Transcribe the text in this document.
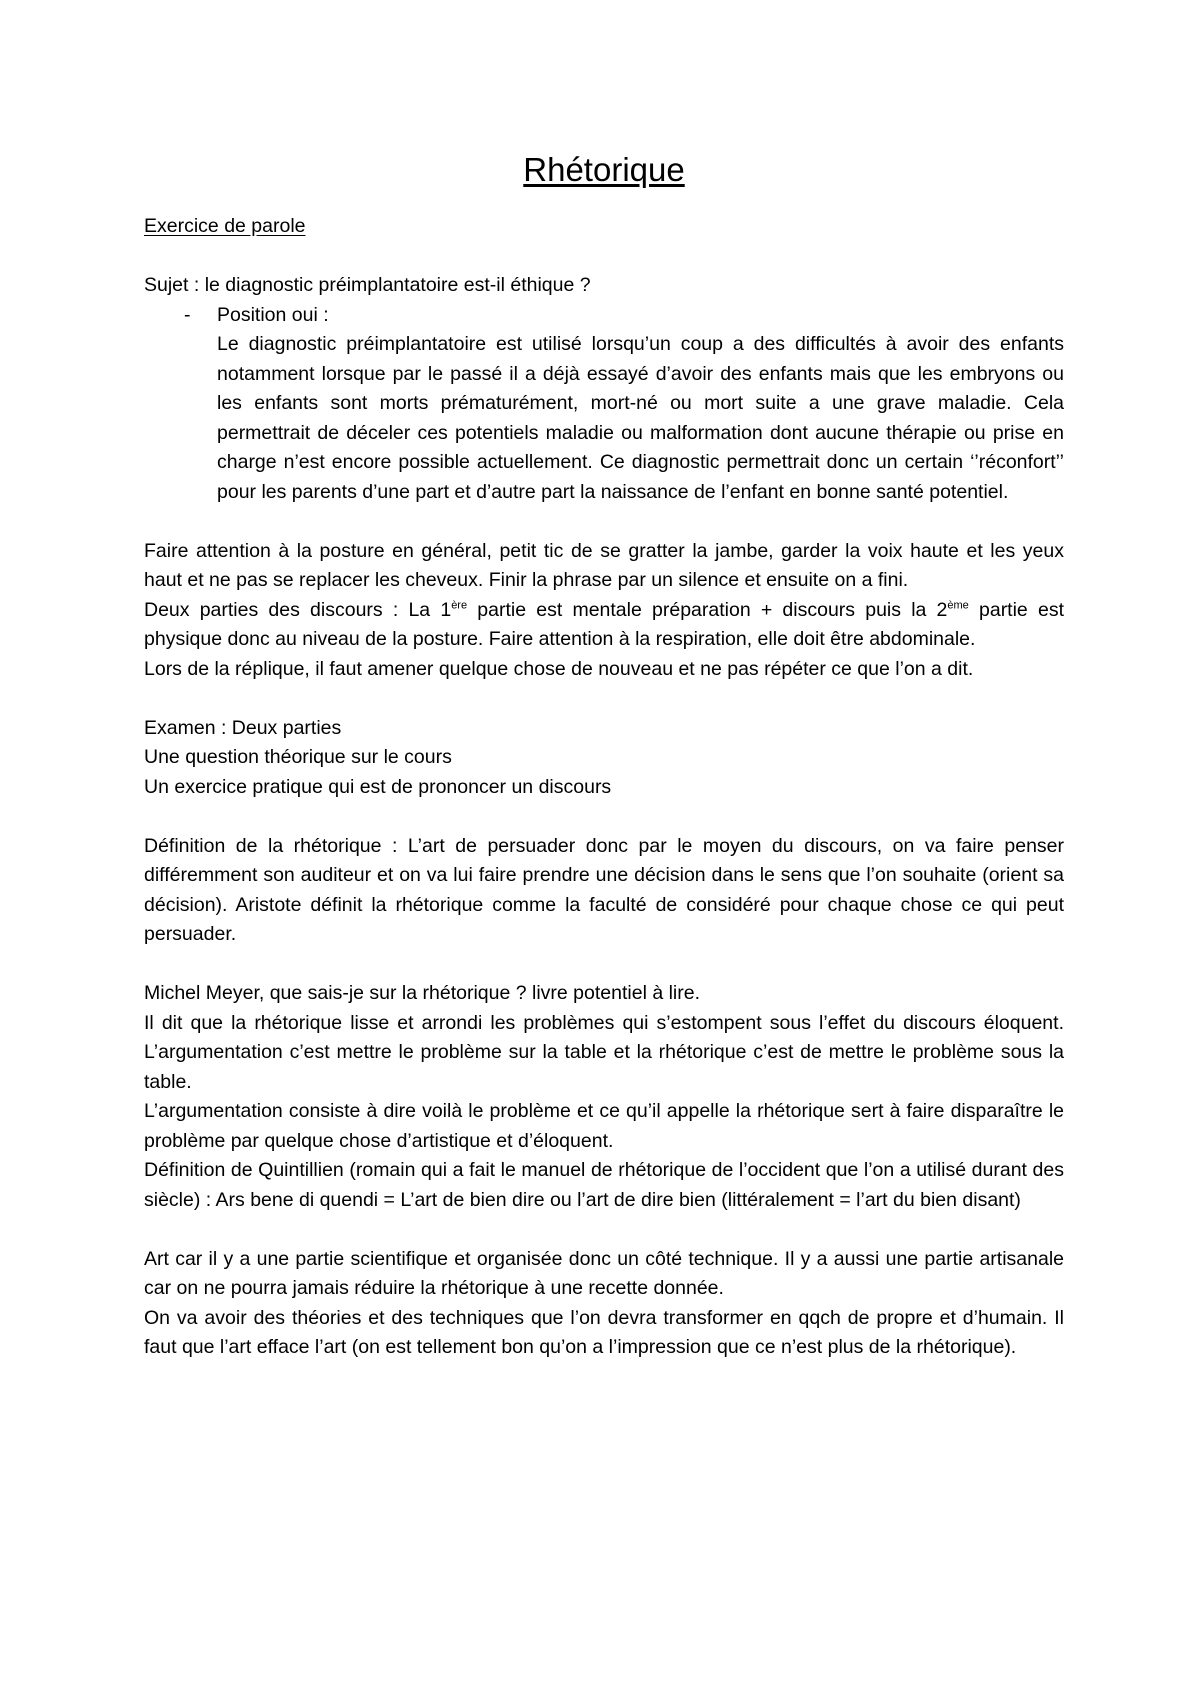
Rhétorique

Exercice de parole

Sujet : le diagnostic préimplantatoire est-il éthique ?

- Position oui :

Le diagnostic préimplantatoire est utilisé lorsqu’un coup a des difficultés à avoir des enfants notamment lorsque par le passé il a déjà essayé d’avoir des enfants mais que les embryons ou les enfants sont morts prématurément, mort-né ou mort suite a une grave maladie. Cela permettrait de déceler ces potentiels maladie ou malformation dont aucune thérapie ou prise en charge n’est encore possible actuellement. Ce diagnostic permettrait donc un certain ‘’réconfort’’ pour les parents d’une part et d’autre part la naissance de l’enfant en bonne santé potentiel.

Faire attention à la posture en général, petit tic de se gratter la jambe, garder la voix haute et les yeux haut et ne pas se replacer les cheveux. Finir la phrase par un silence et ensuite on a fini.

Deux parties des discours : La 1ère partie est mentale préparation + discours puis la 2ème partie est physique donc au niveau de la posture. Faire attention à la respiration, elle doit être abdominale.

Lors de la réplique, il faut amener quelque chose de nouveau et ne pas répéter ce que l’on a dit.

Examen : Deux parties

Une question théorique sur le cours

Un exercice pratique qui est de prononcer un discours

Définition de la rhétorique : L’art de persuader donc par le moyen du discours, on va faire penser différemment son auditeur et on va lui faire prendre une décision dans le sens que l’on souhaite (orient sa décision). Aristote définit la rhétorique comme la faculté de considéré pour chaque chose ce qui peut persuader.

Michel Meyer, que sais-je sur la rhétorique ? livre potentiel à lire.

Il dit que la rhétorique lisse et arrondi les problèmes qui s’estompent sous l’effet du discours éloquent. L’argumentation c’est mettre le problème sur la table et la rhétorique c’est de mettre le problème sous la table.

L’argumentation consiste à dire voilà le problème et ce qu’il appelle la rhétorique sert à faire disparaître le problème par quelque chose d’artistique et d’éloquent.

Définition de Quintillien (romain qui a fait le manuel de rhétorique de l’occident que l’on a utilisé durant des siècle) : Ars bene di quendi = L’art de bien dire ou l’art de dire bien (littéralement = l’art du bien disant)

Art car il y a une partie scientifique et organisée donc un côté technique. Il y a aussi une partie artisanale car on ne pourra jamais réduire la rhétorique à une recette donnée.

On va avoir des théories et des techniques que l’on devra transformer en qqch de propre et d’humain. Il faut que l’art efface l’art (on est tellement bon qu’on a l’impression que ce n’est plus de la rhétorique).
